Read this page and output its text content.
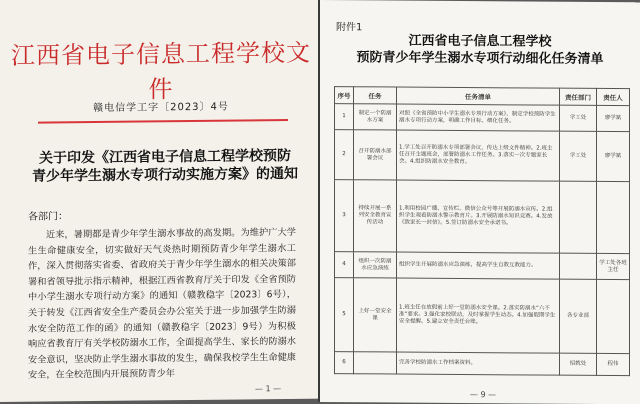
江西省电子信息工程学校文件
赣电信学工字〔2023〕4号
关于印发《江西省电子信息工程学校预防
青少年学生溺水专项行动实施方案》的通知
各部门：
近来，暑期都是青少年学生溺水事故的高发期。为维护广大学生生命健康安全，切实做好天气炎热时期预防青少年学生溺水工作，深入贯彻落实省委、省政府关于青少年学生溺水的相关决策部署和省领导批示指示精神，根据江西省教育厅关于印发《全省预防中小学生溺水专项行动方案》的通知（赣教稳字〔2023〕6号），关于转发《江西省安全生产委员会办公室关于进一步加强学生防溺水安全防范工作的函》的通知（赣教稳字〔2023〕9号）为积极响应省教育厅有关学校防溺水工作，全面提高学生、家长的防溺水安全意识，坚决防止学生溺水事故的发生，确保我校学生生命健康安全，在全校范围内开展预防青少年
— 1 —
附件1
江西省电子信息工程学校
预防青少年学生溺水专项行动细化任务清单
序号	任务	任务清单	责任部门	责任人
1	制定一个防溺水方案	对照《全省预防中小学生溺水专项行动方案》，制定学校预防学生溺水专项行动方案，明确工作目标、细化任务。	学工处	廖学斌
2	召开防溺水部署会议	1.学工处召开防溺水专项部署会议，传达上级文件精神。2.班主任召开主题班会，部署防溺水工作任务。3.落实一次专题家长会。4.组织防溺水安全教育。	学工处	廖学斌
3	持续开展一系列安全教育宣传活动	1.利用校园广播、宣传栏、微信公众号等开展防溺水宣传。2.组织学生观看防溺水警示教育片。3.开展防溺水知识竞赛。4.发放《致家长一封信》。5.签订防溺水安全承诺书。		
4	组织一次防溺水应急演练	组织学生开展防溺水应急演练，提高学生自救互救能力。		学工处各班主任
5	上好一堂安全课	1.班主任在放假前上好一堂防溺水安全课。2.落实防溺水“六不准”要求。3.强化家校联动，及时掌握学生动态。4.加强假期学生安全提醒。5.建立安全责任台账。	各专业部	
6		完善学校防溺水工作档案资料。	招就处	程伟
— 9 —
